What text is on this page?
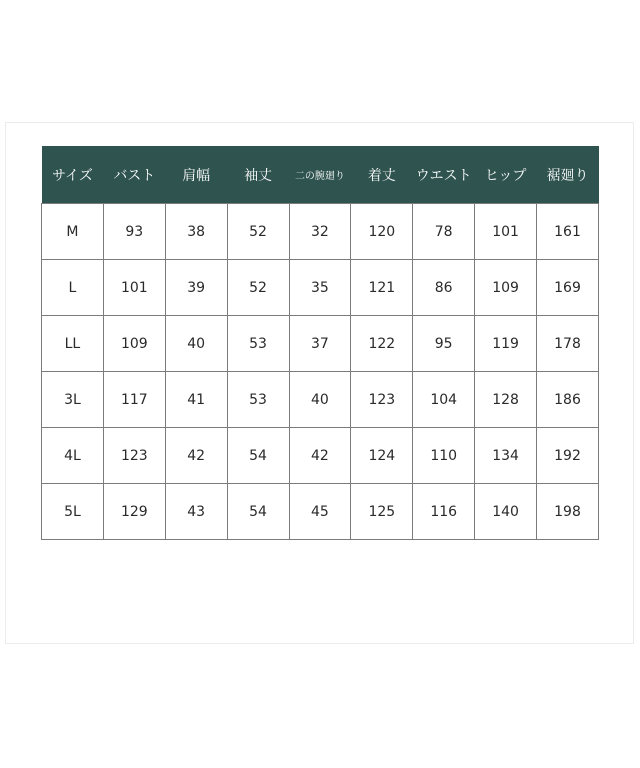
サイズ	バスト	肩幅	袖丈	二の腕廻り	着丈	ウエスト	ヒップ	裾廻り
M	93	38	52	32	120	78	101	161
L	101	39	52	35	121	86	109	169
LL	109	40	53	37	122	95	119	178
3L	117	41	53	40	123	104	128	186
4L	123	42	54	42	124	110	134	192
5L	129	43	54	45	125	116	140	198
